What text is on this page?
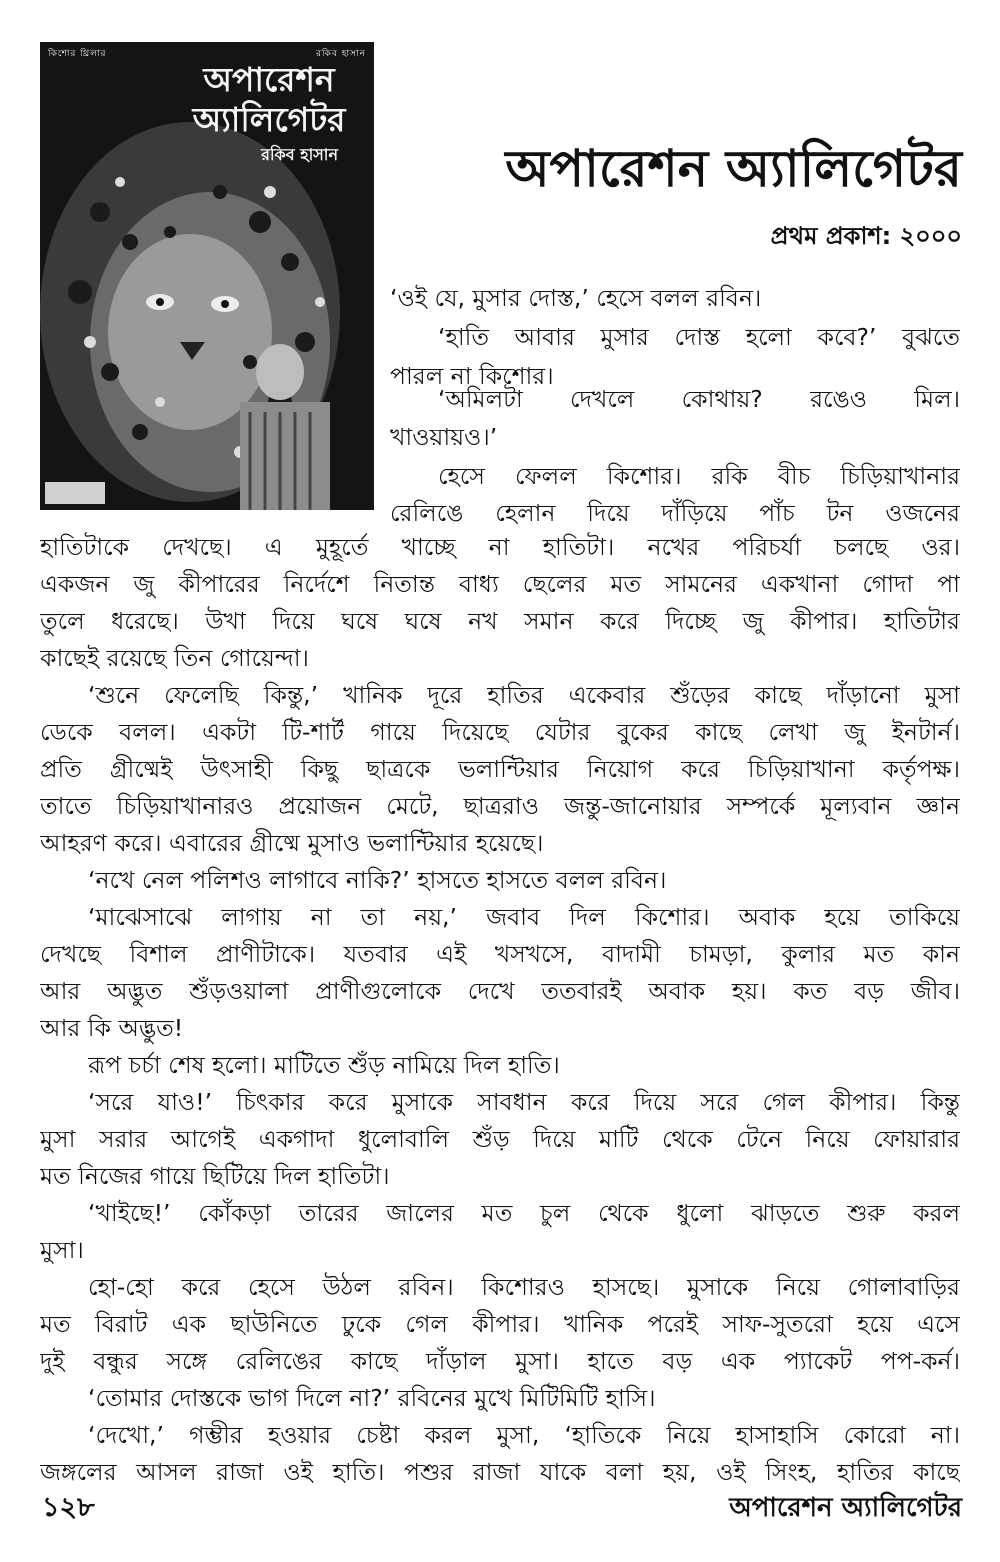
কিশোর থ্রিলার	রকিব হাসান
অপারেশন
অ্যালিগেটর
রকিব হাসান	অপারেশন অ্যালিগেটর
প্রথম প্রকাশ: ২০০০
‘ওই যে, মুসার দোস্ত,’ হেসে বলল রবিন।
‘হাতি আবার মুসার দোস্ত হলো কবে?’ বুঝতে
পারল না কিশোর।
‘অমিলটা দেখলে কোথায়? রঙেও মিল।
খাওয়ায়ও।’
হেসে ফেলল কিশোর। রকি বীচ চিড়িয়াখানার
রেলিঙে হেলান দিয়ে দাঁড়িয়ে পাঁচ টন ওজনের
হাতিটাকে দেখছে। এ মুহূর্তে খাচ্ছে না হাতিটা। নখের পরিচর্যা চলছে ওর।
একজন জু কীপারের নির্দেশে নিতান্ত বাধ্য ছেলের মত সামনের একখানা গোদা পা
তুলে ধরেছে। উখা দিয়ে ঘষে ঘষে নখ সমান করে দিচ্ছে জু কীপার। হাতিটার
কাছেই রয়েছে তিন গোয়েন্দা।
‘শুনে ফেলেছি কিন্তু,’ খানিক দূরে হাতির একেবার শুঁড়ের কাছে দাঁড়ানো মুসা
ডেকে বলল। একটা টি-শার্ট গায়ে দিয়েছে যেটার বুকের কাছে লেখা জু ইনটার্ন।
প্রতি গ্রীষ্মেই উৎসাহী কিছু ছাত্রকে ভলান্টিয়ার নিয়োগ করে চিড়িয়াখানা কর্তৃপক্ষ।
তাতে চিড়িয়াখানারও প্রয়োজন মেটে, ছাত্ররাও জন্তু-জানোয়ার সম্পর্কে মূল্যবান জ্ঞান
আহরণ করে। এবারের গ্রীষ্মে মুসাও ভলান্টিয়ার হয়েছে।
‘নখে নেল পলিশও লাগাবে নাকি?’ হাসতে হাসতে বলল রবিন।
‘মাঝেসাঝে লাগায় না তা নয়,’ জবাব দিল কিশোর। অবাক হয়ে তাকিয়ে
দেখছে বিশাল প্রাণীটাকে। যতবার এই খসখসে, বাদামী চামড়া, কুলার মত কান
আর অদ্ভুত শুঁড়ওয়ালা প্রাণীগুলোকে দেখে ততবারই অবাক হয়। কত বড় জীব।
আর কি অদ্ভুত!
রূপ চর্চা শেষ হলো। মাটিতে শুঁড় নামিয়ে দিল হাতি।
‘সরে যাও!’ চিৎকার করে মুসাকে সাবধান করে দিয়ে সরে গেল কীপার। কিন্তু
মুসা সরার আগেই একগাদা ধুলোবালি শুঁড় দিয়ে মাটি থেকে টেনে নিয়ে ফোয়ারার
মত নিজের গায়ে ছিটিয়ে দিল হাতিটা।
‘খাইছে!’ কোঁকড়া তারের জালের মত চুল থেকে ধুলো ঝাড়তে শুরু করল
মুসা।
হো-হো করে হেসে উঠল রবিন। কিশোরও হাসছে। মুসাকে নিয়ে গোলাবাড়ির
মত বিরাট এক ছাউনিতে ঢুকে গেল কীপার। খানিক পরেই সাফ-সুতরো হয়ে এসে
দুই বন্ধুর সঙ্গে রেলিঙের কাছে দাঁড়াল মুসা। হাতে বড় এক প্যাকেট পপ-কর্ন।
‘তোমার দোস্তকে ভাগ দিলে না?’ রবিনের মুখে মিটিমিটি হাসি।
‘দেখো,’ গম্ভীর হওয়ার চেষ্টা করল মুসা, ‘হাতিকে নিয়ে হাসাহাসি কোরো না।
জঙ্গলের আসল রাজা ওই হাতি। পশুর রাজা যাকে বলা হয়, ওই সিংহ, হাতির কাছে
১২৮	অপারেশন অ্যালিগেটর
